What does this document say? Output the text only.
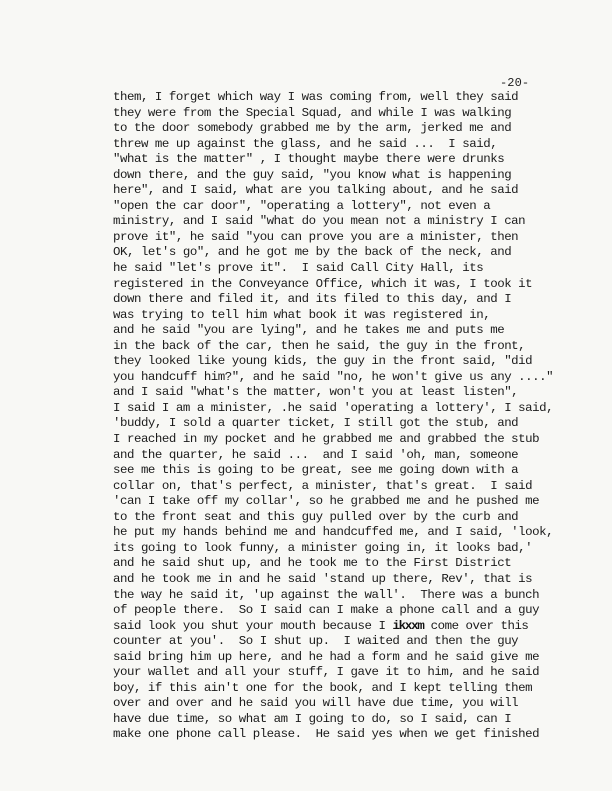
-20-
them, I forget which way I was coming from, well they said
they were from the Special Squad, and while I was walking
to the door somebody grabbed me by the arm, jerked me and
threw me up against the glass, and he said ...  I said,
"what is the matter" , I thought maybe there were drunks
down there, and the guy said, "you know what is happening
here", and I said, what are you talking about, and he said
"open the car door", "operating a lottery", not even a
ministry, and I said "what do you mean not a ministry I can
prove it", he said "you can prove you are a minister, then
OK, let's go", and he got me by the back of the neck, and
he said "let's prove it".  I said Call City Hall, its
registered in the Conveyance Office, which it was, I took it
down there and filed it, and its filed to this day, and I
was trying to tell him what book it was registered in,
and he said "you are lying", and he takes me and puts me
in the back of the car, then he said, the guy in the front,
they looked like young kids, the guy in the front said, "did
you handcuff him?", and he said "no, he won't give us any ...."
and I said "what's the matter, won't you at least listen",
I said I am a minister, .he said 'operating a lottery', I said,
'buddy, I sold a quarter ticket, I still got the stub, and
I reached in my pocket and he grabbed me and grabbed the stub
and the quarter, he said ...  and I said 'oh, man, someone
see me this is going to be great, see me going down with a
collar on, that's perfect, a minister, that's great.  I said
'can I take off my collar', so he grabbed me and he pushed me
to the front seat and this guy pulled over by the curb and
he put my hands behind me and handcuffed me, and I said, 'look,
its going to look funny, a minister going in, it looks bad,'
and he said shut up, and he took me to the First District
and he took me in and he said 'stand up there, Rev', that is
the way he said it, 'up against the wall'.  There was a bunch
of people there.  So I said can I make a phone call and a guy
said look you shut your mouth because I ikxxm come over this
counter at you'.  So I shut up.  I waited and then the guy
said bring him up here, and he had a form and he said give me
your wallet and all your stuff, I gave it to him, and he said
boy, if this ain't one for the book, and I kept telling them
over and over and he said you will have due time, you will
have due time, so what am I going to do, so I said, can I
make one phone call please.  He said yes when we get finished
